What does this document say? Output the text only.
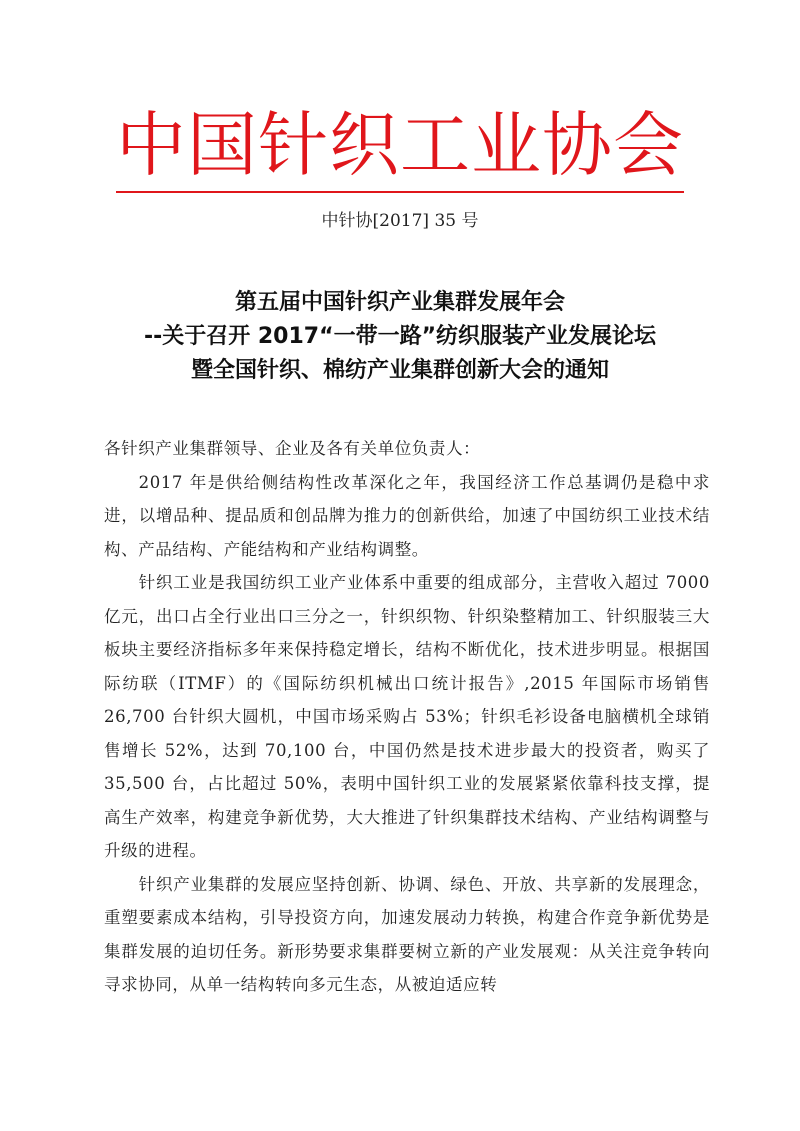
中国针织工业协会
中针协[2017] 35 号
第五届中国针织产业集群发展年会
--关于召开 2017“一带一路”纺织服装产业发展论坛
暨全国针织、棉纺产业集群创新大会的通知

各针织产业集群领导、企业及各有关单位负责人：

2017 年是供给侧结构性改革深化之年，我国经济工作总基调仍是稳中求进，以增品种、提品质和创品牌为推力的创新供给，加速了中国纺织工业技术结构、产品结构、产能结构和产业结构调整。

针织工业是我国纺织工业产业体系中重要的组成部分，主营收入超过 7000 亿元，出口占全行业出口三分之一，针织织物、针织染整精加工、针织服装三大板块主要经济指标多年来保持稳定增长，结构不断优化，技术进步明显。根据国际纺联（ITMF）的《国际纺织机械出口统计报告》,2015 年国际市场销售 26,700 台针织大圆机，中国市场采购占 53%；针织毛衫设备电脑横机全球销售增长 52%，达到 70,100 台，中国仍然是技术进步最大的投资者，购买了 35,500 台，占比超过 50%，表明中国针织工业的发展紧紧依靠科技支撑，提高生产效率，构建竞争新优势，大大推进了针织集群技术结构、产业结构调整与升级的进程。

针织产业集群的发展应坚持创新、协调、绿色、开放、共享新的发展理念，重塑要素成本结构，引导投资方向，加速发展动力转换，构建合作竞争新优势是集群发展的迫切任务。新形势要求集群要树立新的产业发展观：从关注竞争转向寻求协同，从单一结构转向多元生态，从被迫适应转
